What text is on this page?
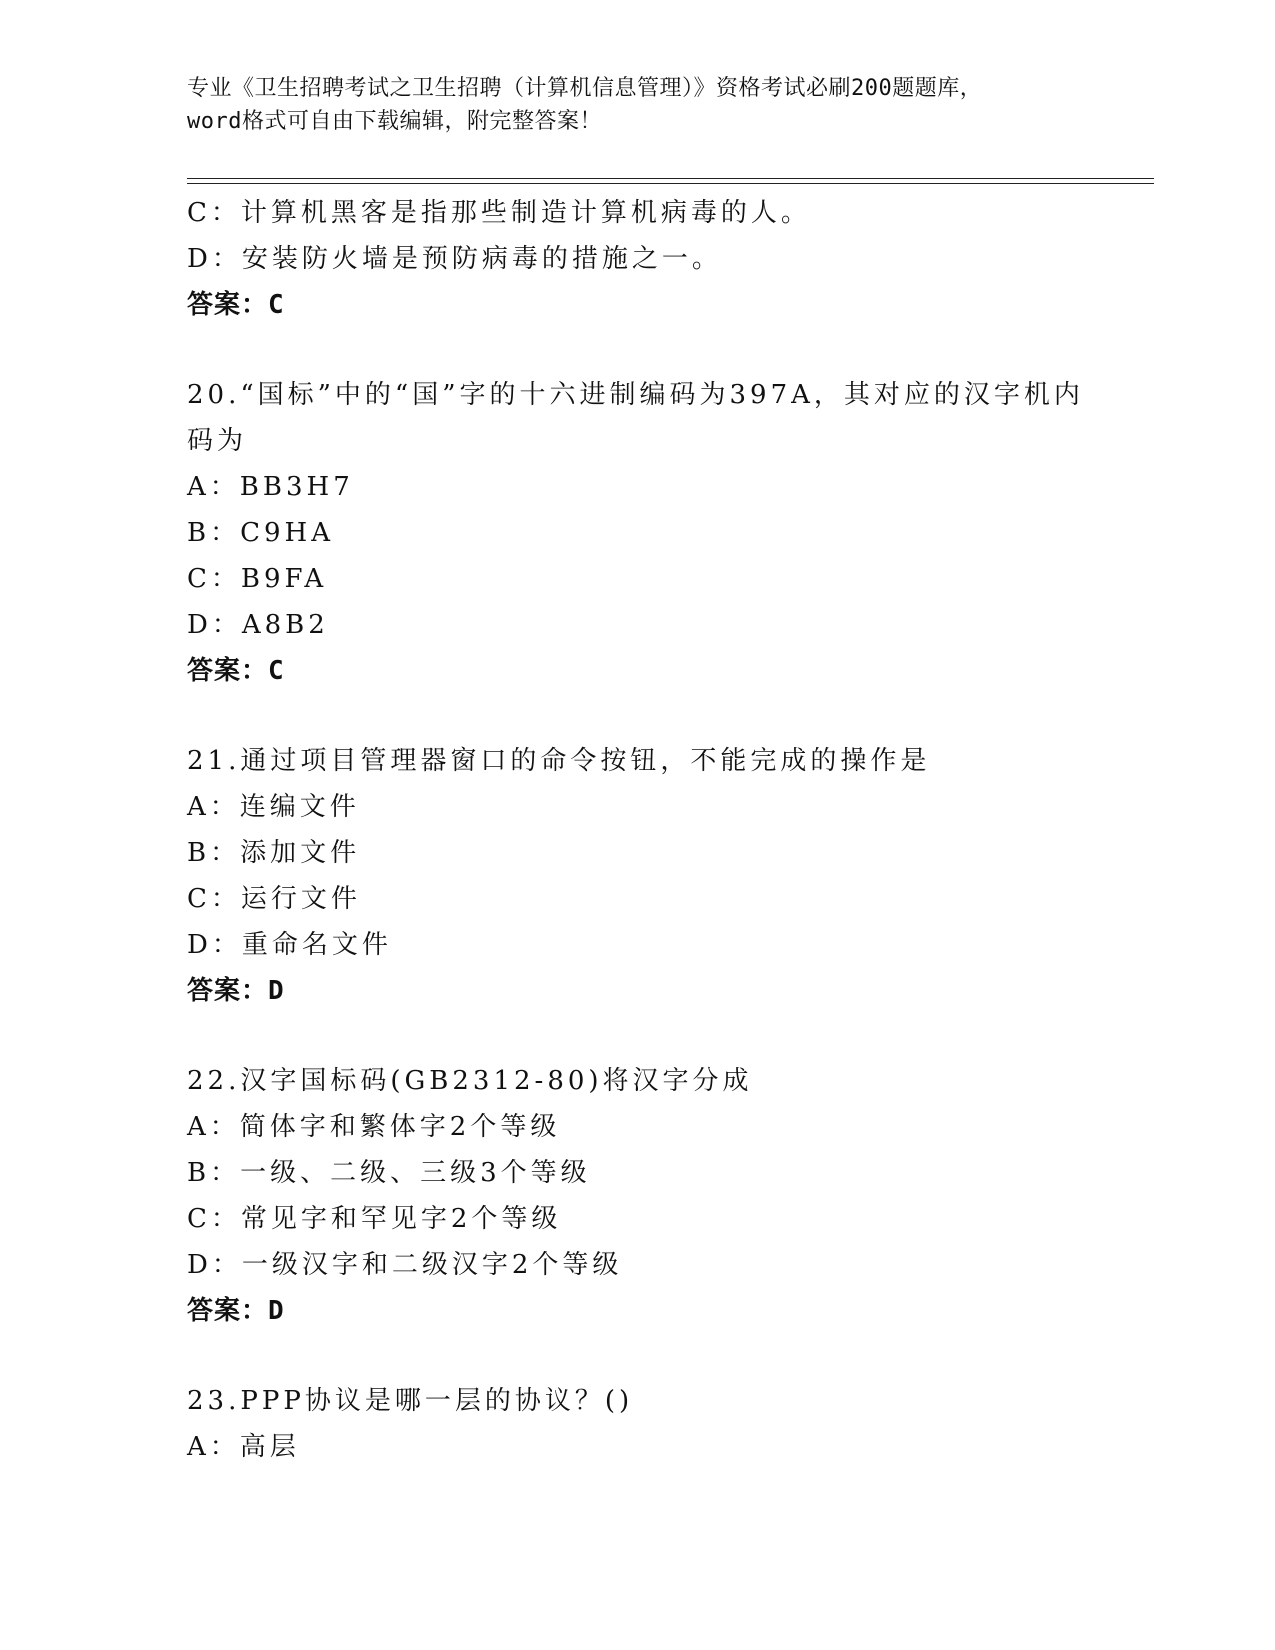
专业《卫生招聘考试之卫生招聘（计算机信息管理）》资格考试必刷200题题库，
word格式可自由下载编辑，附完整答案！
C：计算机黑客是指那些制造计算机病毒的人。
D：安装防火墙是预防病毒的措施之一。
答案：C
20.“国标”中的“国”字的十六进制编码为397A，其对应的汉字机内
码为
A：BB3H7
B：C9HA
C：B9FA
D：A8B2
答案：C
21.通过项目管理器窗口的命令按钮，不能完成的操作是
A：连编文件
B：添加文件
C：运行文件
D：重命名文件
答案：D
22.汉字国标码(GB2312-80)将汉字分成
A：简体字和繁体字2个等级
B：一级、二级、三级3个等级
C：常见字和罕见字2个等级
D：一级汉字和二级汉字2个等级
答案：D
23.PPP协议是哪一层的协议？()
A：高层
